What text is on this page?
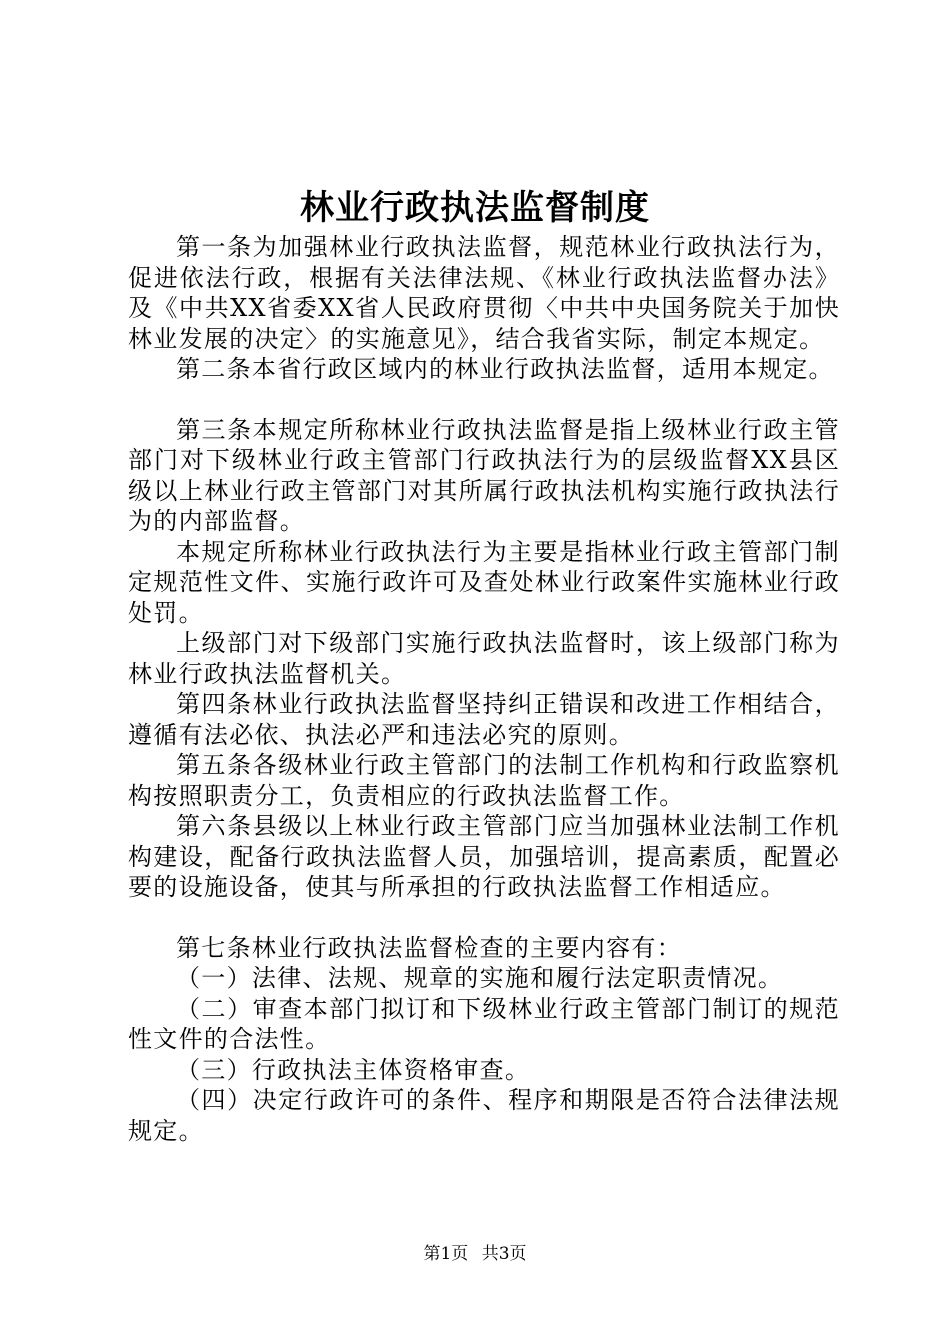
林业行政执法监督制度

第一条为加强林业行政执法监督，规范林业行政执法行为，促进依法行政，根据有关法律法规、《林业行政执法监督办法》及《中共XX省委XX省人民政府贯彻〈中共中央国务院关于加快林业发展的决定〉的实施意见》，结合我省实际，制定本规定。

第二条本省行政区域内的林业行政执法监督，适用本规定。

第三条本规定所称林业行政执法监督是指上级林业行政主管部门对下级林业行政主管部门行政执法行为的层级监督XX县区级以上林业行政主管部门对其所属行政执法机构实施行政执法行为的内部监督。

本规定所称林业行政执法行为主要是指林业行政主管部门制定规范性文件、实施行政许可及查处林业行政案件实施林业行政处罚。

上级部门对下级部门实施行政执法监督时，该上级部门称为林业行政执法监督机关。

第四条林业行政执法监督坚持纠正错误和改进工作相结合，遵循有法必依、执法必严和违法必究的原则。

第五条各级林业行政主管部门的法制工作机构和行政监察机构按照职责分工，负责相应的行政执法监督工作。

第六条县级以上林业行政主管部门应当加强林业法制工作机构建设，配备行政执法监督人员，加强培训，提高素质，配置必要的设施设备，使其与所承担的行政执法监督工作相适应。

第七条林业行政执法监督检查的主要内容有：

（一）法律、法规、规章的实施和履行法定职责情况。

（二）审查本部门拟订和下级林业行政主管部门制订的规范性文件的合法性。

（三）行政执法主体资格审查。

（四）决定行政许可的条件、程序和期限是否符合法律法规规定。

第1页 共3页
